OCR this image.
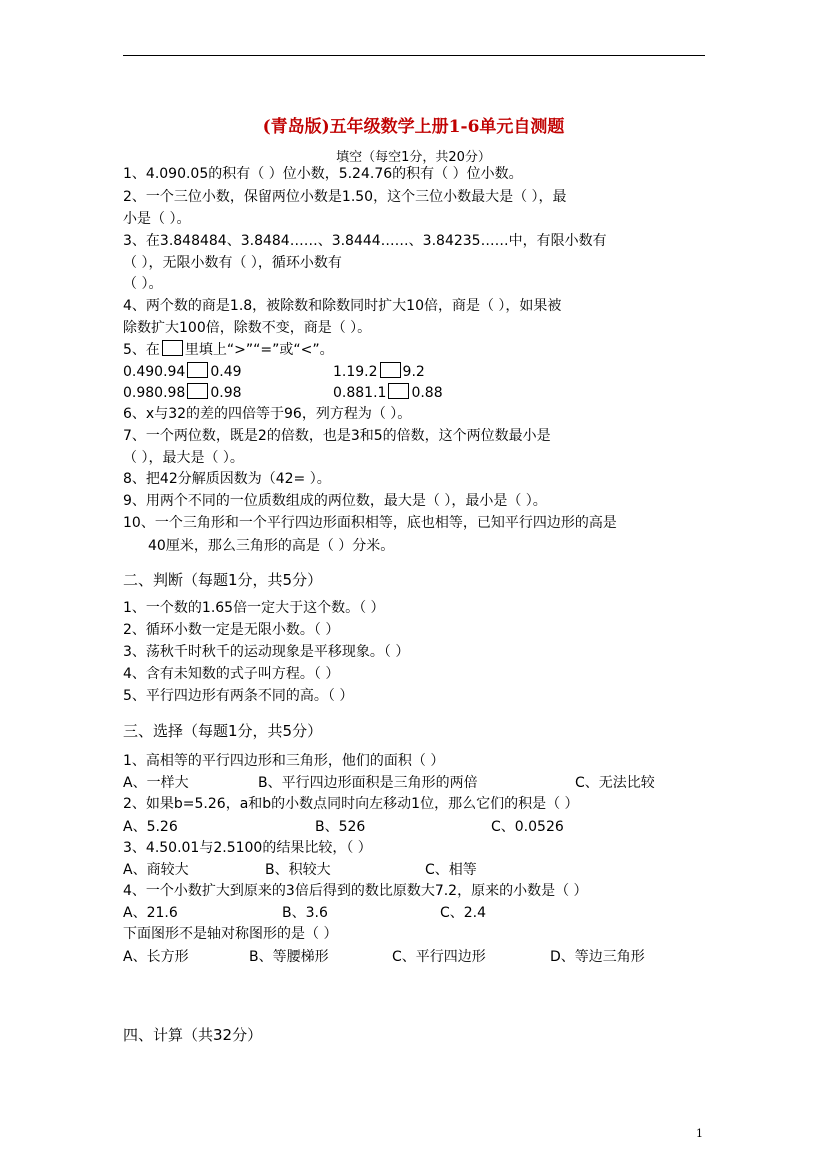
(青岛版)五年级数学上册1-6单元自测题
填空（每空1分，共20分）
1、4.090.05的积有（ ）位小数，5.24.76的积有（ ）位小数。
2、一个三位小数，保留两位小数是1.50，这个三位小数最大是（ ），最
小是（ ）。
3、在3.848484、3.8484……、3.8444……、3.84235……中，有限小数有
（ ），无限小数有（ ），循环小数有
（ ）。
4、两个数的商是1.8，被除数和除数同时扩大10倍，商是（ ），如果被
除数扩大100倍，除数不变，商是（ ）。
5、在 里填上“>”“=”或“<”。
0.490.94 0.49	1.19.2 9.2
0.980.98 0.98	0.881.1 0.88
6、x与32的差的四倍等于96，列方程为（ ）。
7、一个两位数，既是2的倍数，也是3和5的倍数，这个两位数最小是
（ ），最大是（ ）。
8、把42分解质因数为（42= ）。
9、用两个不同的一位质数组成的两位数，最大是（ ），最小是（ ）。
10、一个三角形和一个平行四边形面积相等，底也相等，已知平行四边形的高是
40厘米，那么三角形的高是（ ）分米。
二、判断（每题1分，共5分）
1、一个数的1.65倍一定大于这个数。（ ）
2、循环小数一定是无限小数。（ ）
3、荡秋千时秋千的运动现象是平移现象。（ ）
4、含有未知数的式子叫方程。（ ）
5、平行四边形有两条不同的高。（ ）
三、选择（每题1分，共5分）
1、高相等的平行四边形和三角形，他们的面积（ ）
A、一样大	B、平行四边形面积是三角形的两倍	C、无法比较
2、如果b=5.26，a和b的小数点同时向左移动1位，那么它们的积是（ ）
A、5.26	B、526	C、0.0526
3、4.50.01与2.5100的结果比较，（ ）
A、商较大	B、积较大	C、相等
4、一个小数扩大到原来的3倍后得到的数比原数大7.2，原来的小数是（ ）
A、21.6	B、3.6	C、2.4
下面图形不是轴对称图形的是（ ）
A、长方形	B、等腰梯形	C、平行四边形	D、等边三角形
四、计算（共32分）
1
